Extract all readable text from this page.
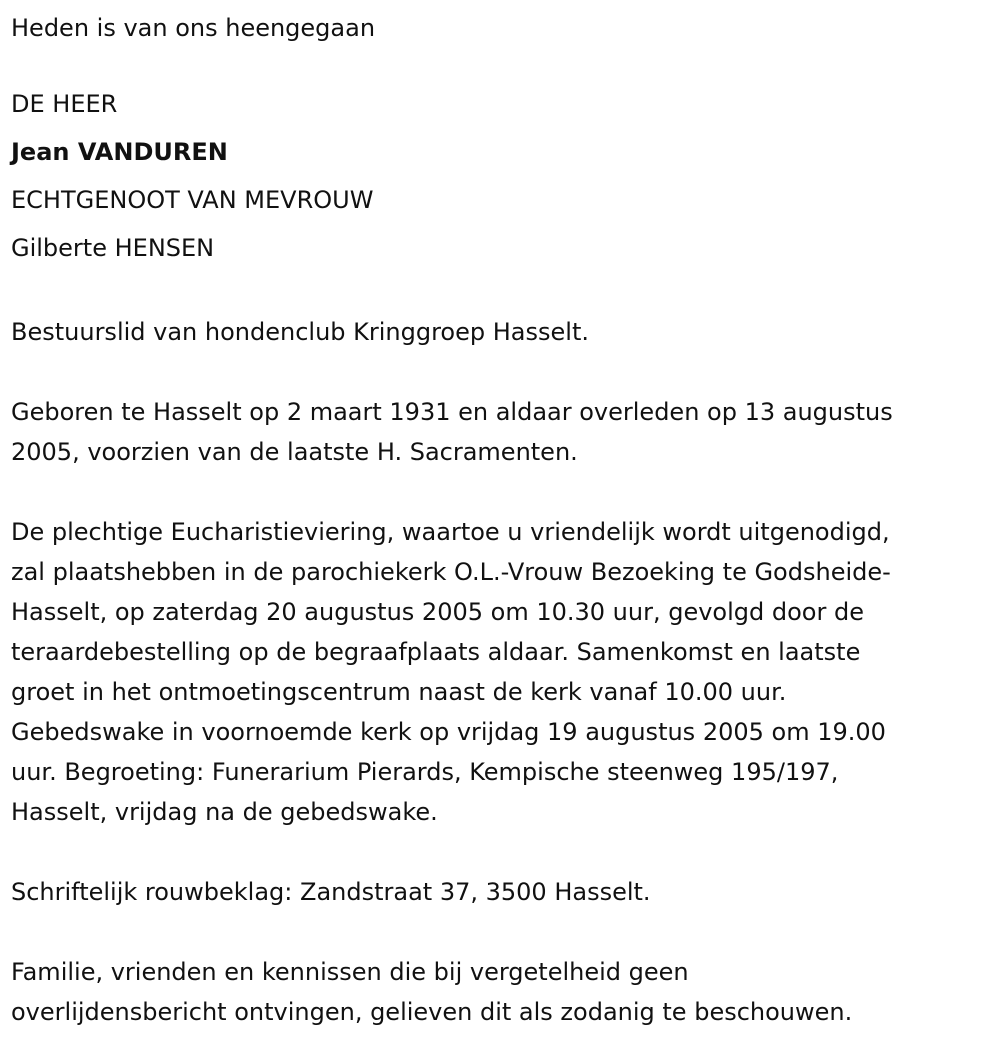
Heden is van ons heengegaan

DE HEER

Jean VANDUREN

ECHTGENOOT VAN MEVROUW

Gilberte HENSEN

Bestuurslid van hondenclub Kringgroep Hasselt.

Geboren te Hasselt op 2 maart 1931 en aldaar overleden op 13 augustus

2005, voorzien van de laatste H. Sacramenten.

De plechtige Eucharistieviering, waartoe u vriendelijk wordt uitgenodigd,

zal plaatshebben in de parochiekerk O.L.-Vrouw Bezoeking te Godsheide-

Hasselt, op zaterdag 20 augustus 2005 om 10.30 uur, gevolgd door de

teraardebestelling op de begraafplaats aldaar. Samenkomst en laatste

groet in het ontmoetingscentrum naast de kerk vanaf 10.00 uur.

Gebedswake in voornoemde kerk op vrijdag 19 augustus 2005 om 19.00

uur. Begroeting: Funerarium Pierards, Kempische steenweg 195/197,

Hasselt, vrijdag na de gebedswake.

Schriftelijk rouwbeklag: Zandstraat 37, 3500 Hasselt.

Familie, vrienden en kennissen die bij vergetelheid geen

overlijdensbericht ontvingen, gelieven dit als zodanig te beschouwen.
